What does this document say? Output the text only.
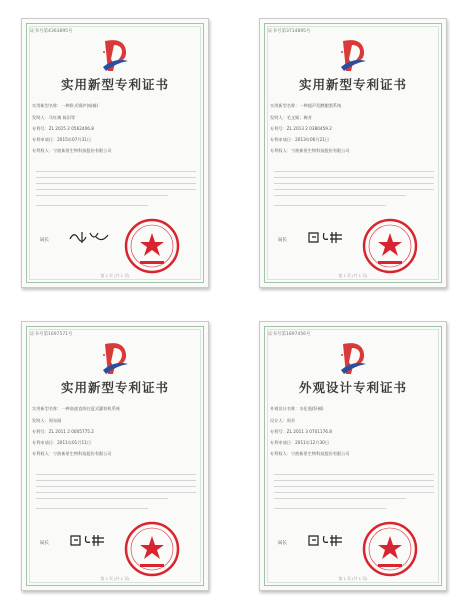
证书号第4363895号
实用新型专利证书
实用新型名称：一种卧式锅炉(暗桶)
发明人：马红梅 陈旧等
专利号：ZL 2015 2 0562406.8
专利申请日：2015年07月31日
专利权人：宁波新景生物科技股份有限公司
局长
第 1 页 (共 1 页)
证书号第3714895号
实用新型专利证书
实用新型名称：一种超声发酵酿酒系统
发明人：毛文姬；梅芳
专利号：ZL 2013 2 0380459.2
专利申请日：2013年06月21日
专利权人：宁波新景生物科技股份有限公司
局长
第 1 页 (共 1 页)
证书号第1697571号
实用新型专利证书
实用新型名称：一种高速直线往返式灌装机系统
发明人：周东刚
专利号：ZL 2011 2 0005775.2
专利申请日：2011年01月11日
专利权人：宁波新景生物科技股份有限公司
局长
第 1 页 (共 1 页)
证书号第1897456号
外观设计专利证书
外观设计名称：水化瓶(卧桶)
设计人：周芳
专利号：ZL 2011 3 0701176.8
专利申请日：2011年12月30日
专利权人：宁波新景生物科技股份有限公司
局长
第 1 页 (共 1 页)
